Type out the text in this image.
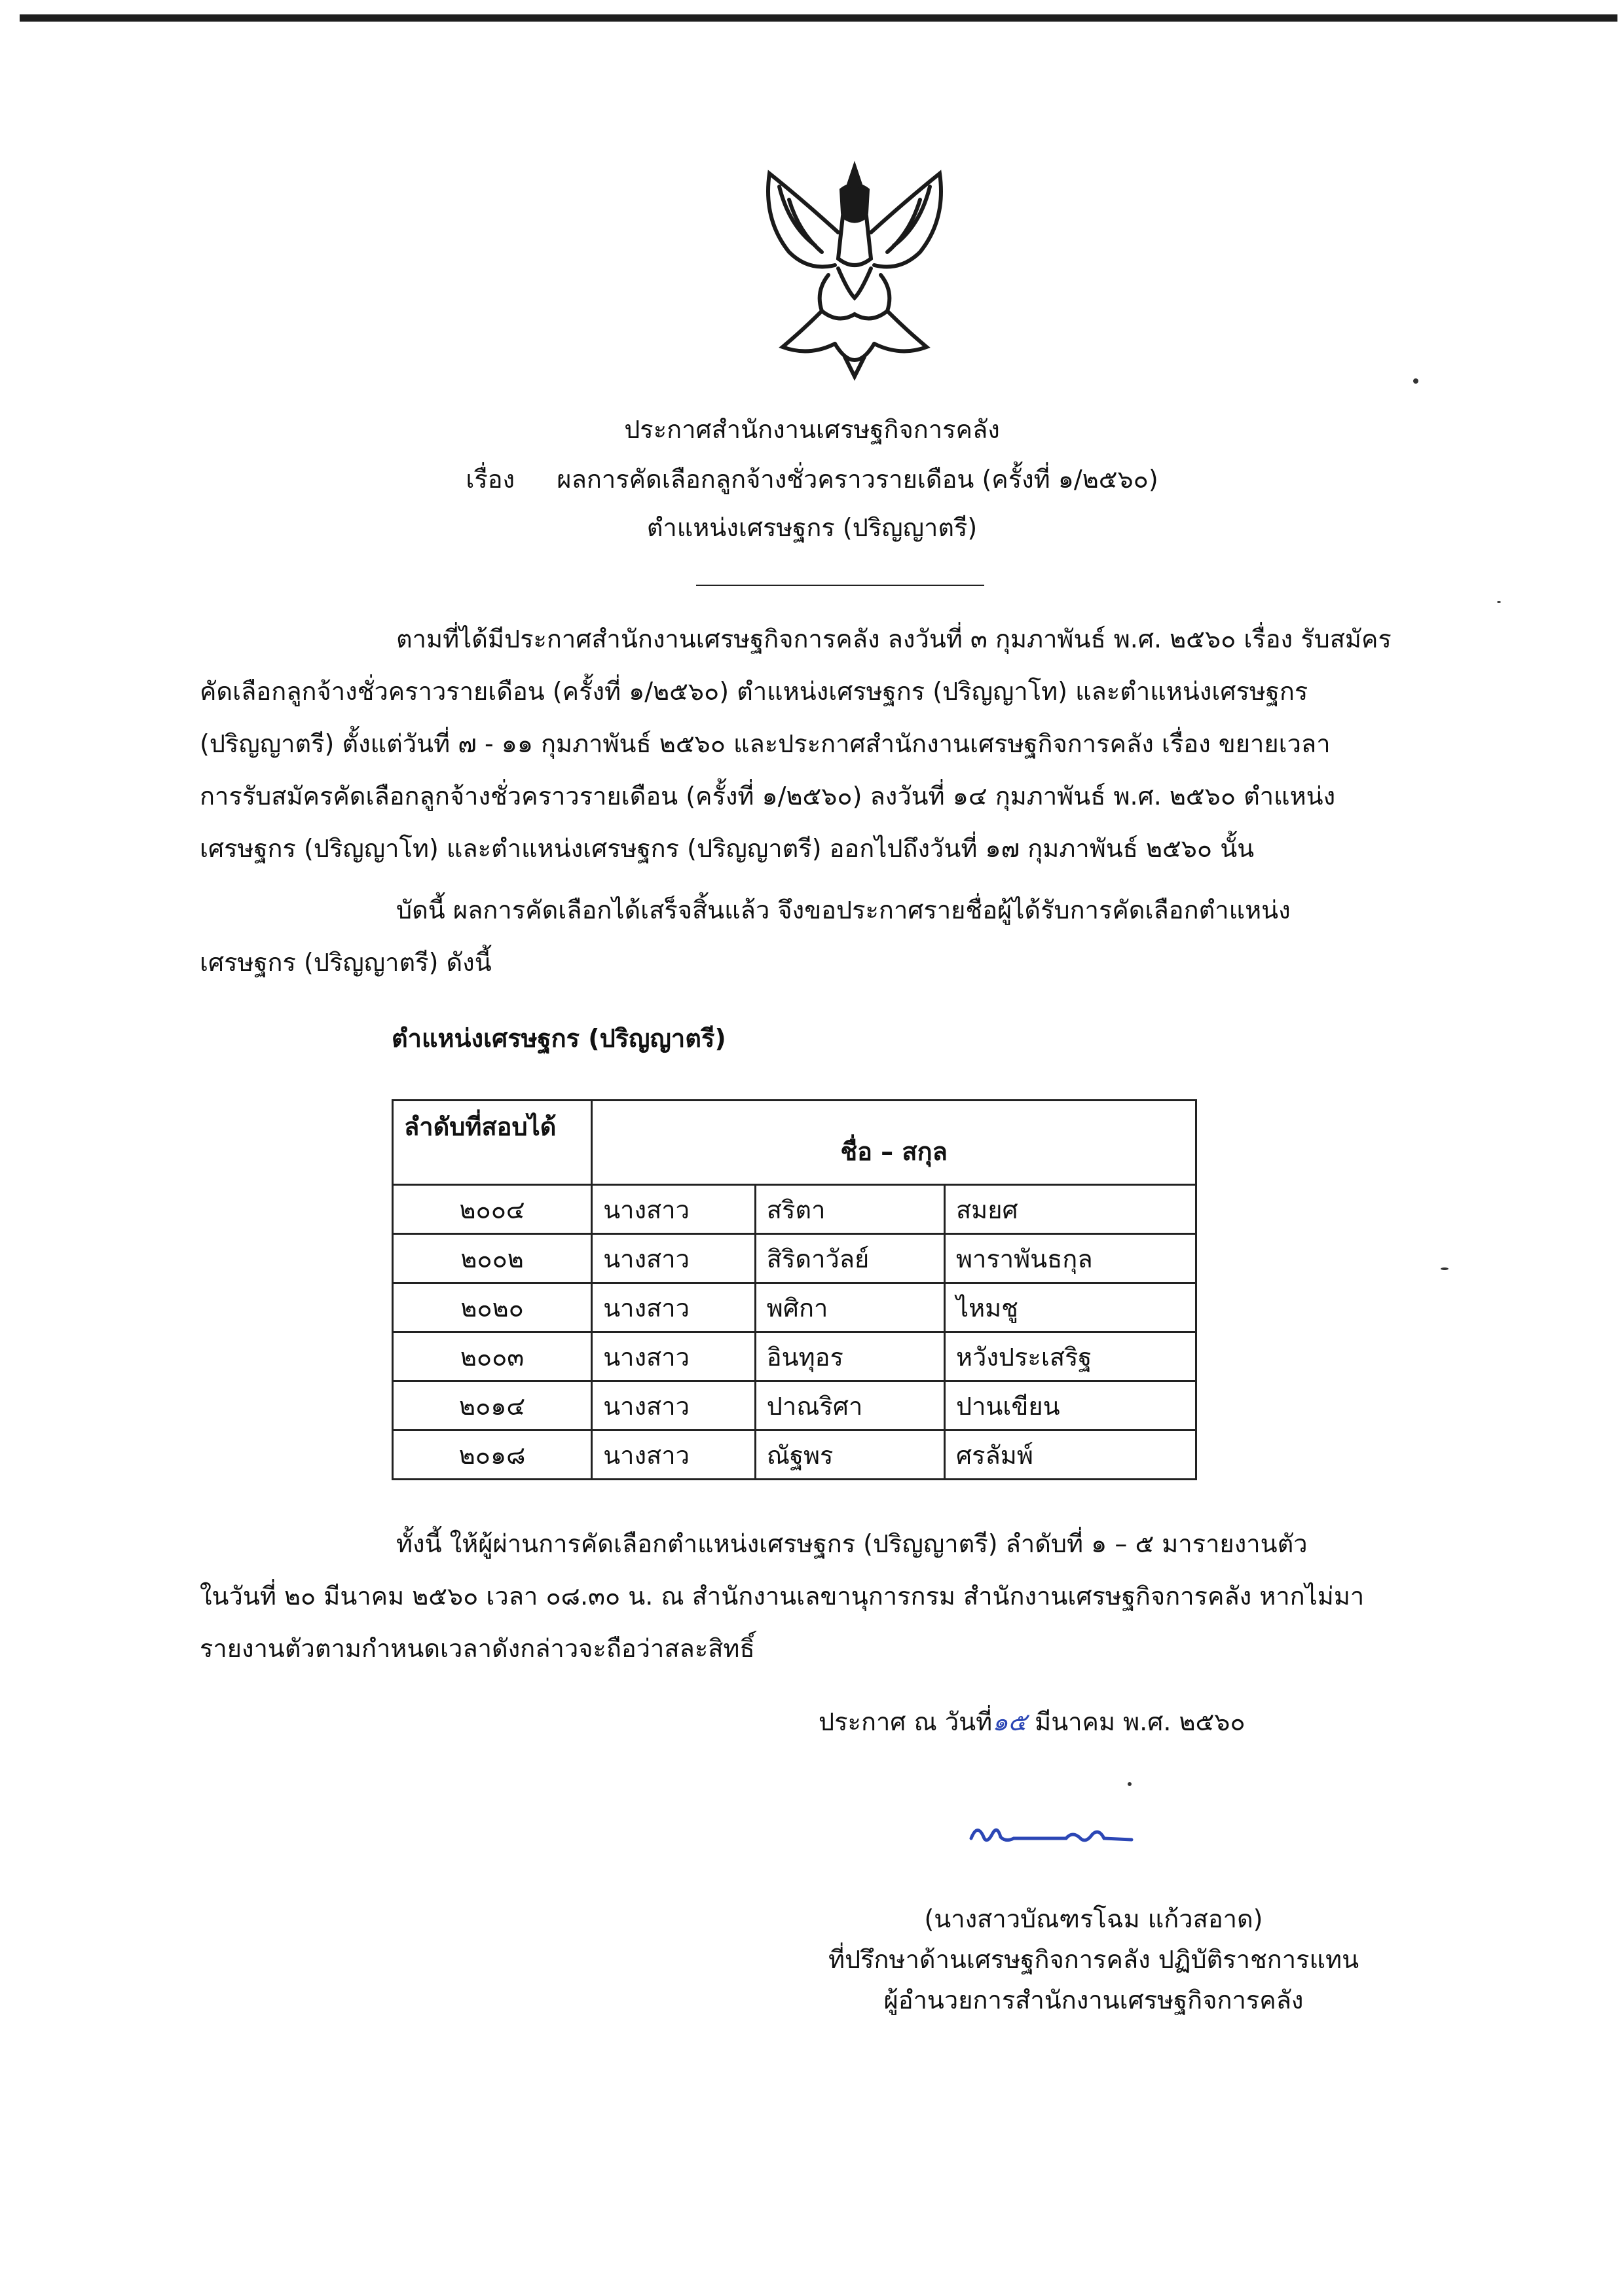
ประกาศสำนักงานเศรษฐกิจการคลัง
เรื่อง ผลการคัดเลือกลูกจ้างชั่วคราวรายเดือน (ครั้งที่ ๑/๒๕๖๐)
ตำแหน่งเศรษฐกร (ปริญญาตรี)
ตามที่ได้มีประกาศสำนักงานเศรษฐกิจการคลัง ลงวันที่ ๓ กุมภาพันธ์ พ.ศ. ๒๕๖๐ เรื่อง รับสมัคร
คัดเลือกลูกจ้างชั่วคราวรายเดือน (ครั้งที่ ๑/๒๕๖๐) ตำแหน่งเศรษฐกร (ปริญญาโท) และตำแหน่งเศรษฐกร
(ปริญญาตรี) ตั้งแต่วันที่ ๗ - ๑๑ กุมภาพันธ์ ๒๕๖๐ และประกาศสำนักงานเศรษฐกิจการคลัง เรื่อง ขยายเวลา
การรับสมัครคัดเลือกลูกจ้างชั่วคราวรายเดือน (ครั้งที่ ๑/๒๕๖๐) ลงวันที่ ๑๔ กุมภาพันธ์ พ.ศ. ๒๕๖๐ ตำแหน่ง
เศรษฐกร (ปริญญาโท) และตำแหน่งเศรษฐกร (ปริญญาตรี) ออกไปถึงวันที่ ๑๗ กุมภาพันธ์ ๒๕๖๐ นั้น
บัดนี้ ผลการคัดเลือกได้เสร็จสิ้นแล้ว จึงขอประกาศรายชื่อผู้ได้รับการคัดเลือกตำแหน่ง
เศรษฐกร (ปริญญาตรี) ดังนี้
ตำแหน่งเศรษฐกร (ปริญญาตรี)
ลำดับที่สอบได้	ชื่อ – สกุล		
๒๐๐๔	นางสาว	สริตา	สมยศ
๒๐๐๒	นางสาว	สิริดาวัลย์	พาราพันธกุล
๒๐๒๐	นางสาว	พศิกา	ไหมชู
๒๐๐๓	นางสาว	อินทุอร	หวังประเสริฐ
๒๐๑๔	นางสาว	ปาณริศา	ปานเขียน
๒๐๑๘	นางสาว	ณัฐพร	ศรลัมพ์
ทั้งนี้ ให้ผู้ผ่านการคัดเลือกตำแหน่งเศรษฐกร (ปริญญาตรี) ลำดับที่ ๑ – ๕ มารายงานตัว
ในวันที่ ๒๐ มีนาคม ๒๕๖๐ เวลา ๐๘.๓๐ น. ณ สำนักงานเลขานุการกรม สำนักงานเศรษฐกิจการคลัง หากไม่มา
รายงานตัวตามกำหนดเวลาดังกล่าวจะถือว่าสละสิทธิ์
ประกาศ ณ วันที่๑๕ มีนาคม พ.ศ. ๒๕๖๐
(นางสาวบัณฑรโฉม แก้วสอาด)
ที่ปรึกษาด้านเศรษฐกิจการคลัง ปฏิบัติราชการแทน
ผู้อำนวยการสำนักงานเศรษฐกิจการคลัง
